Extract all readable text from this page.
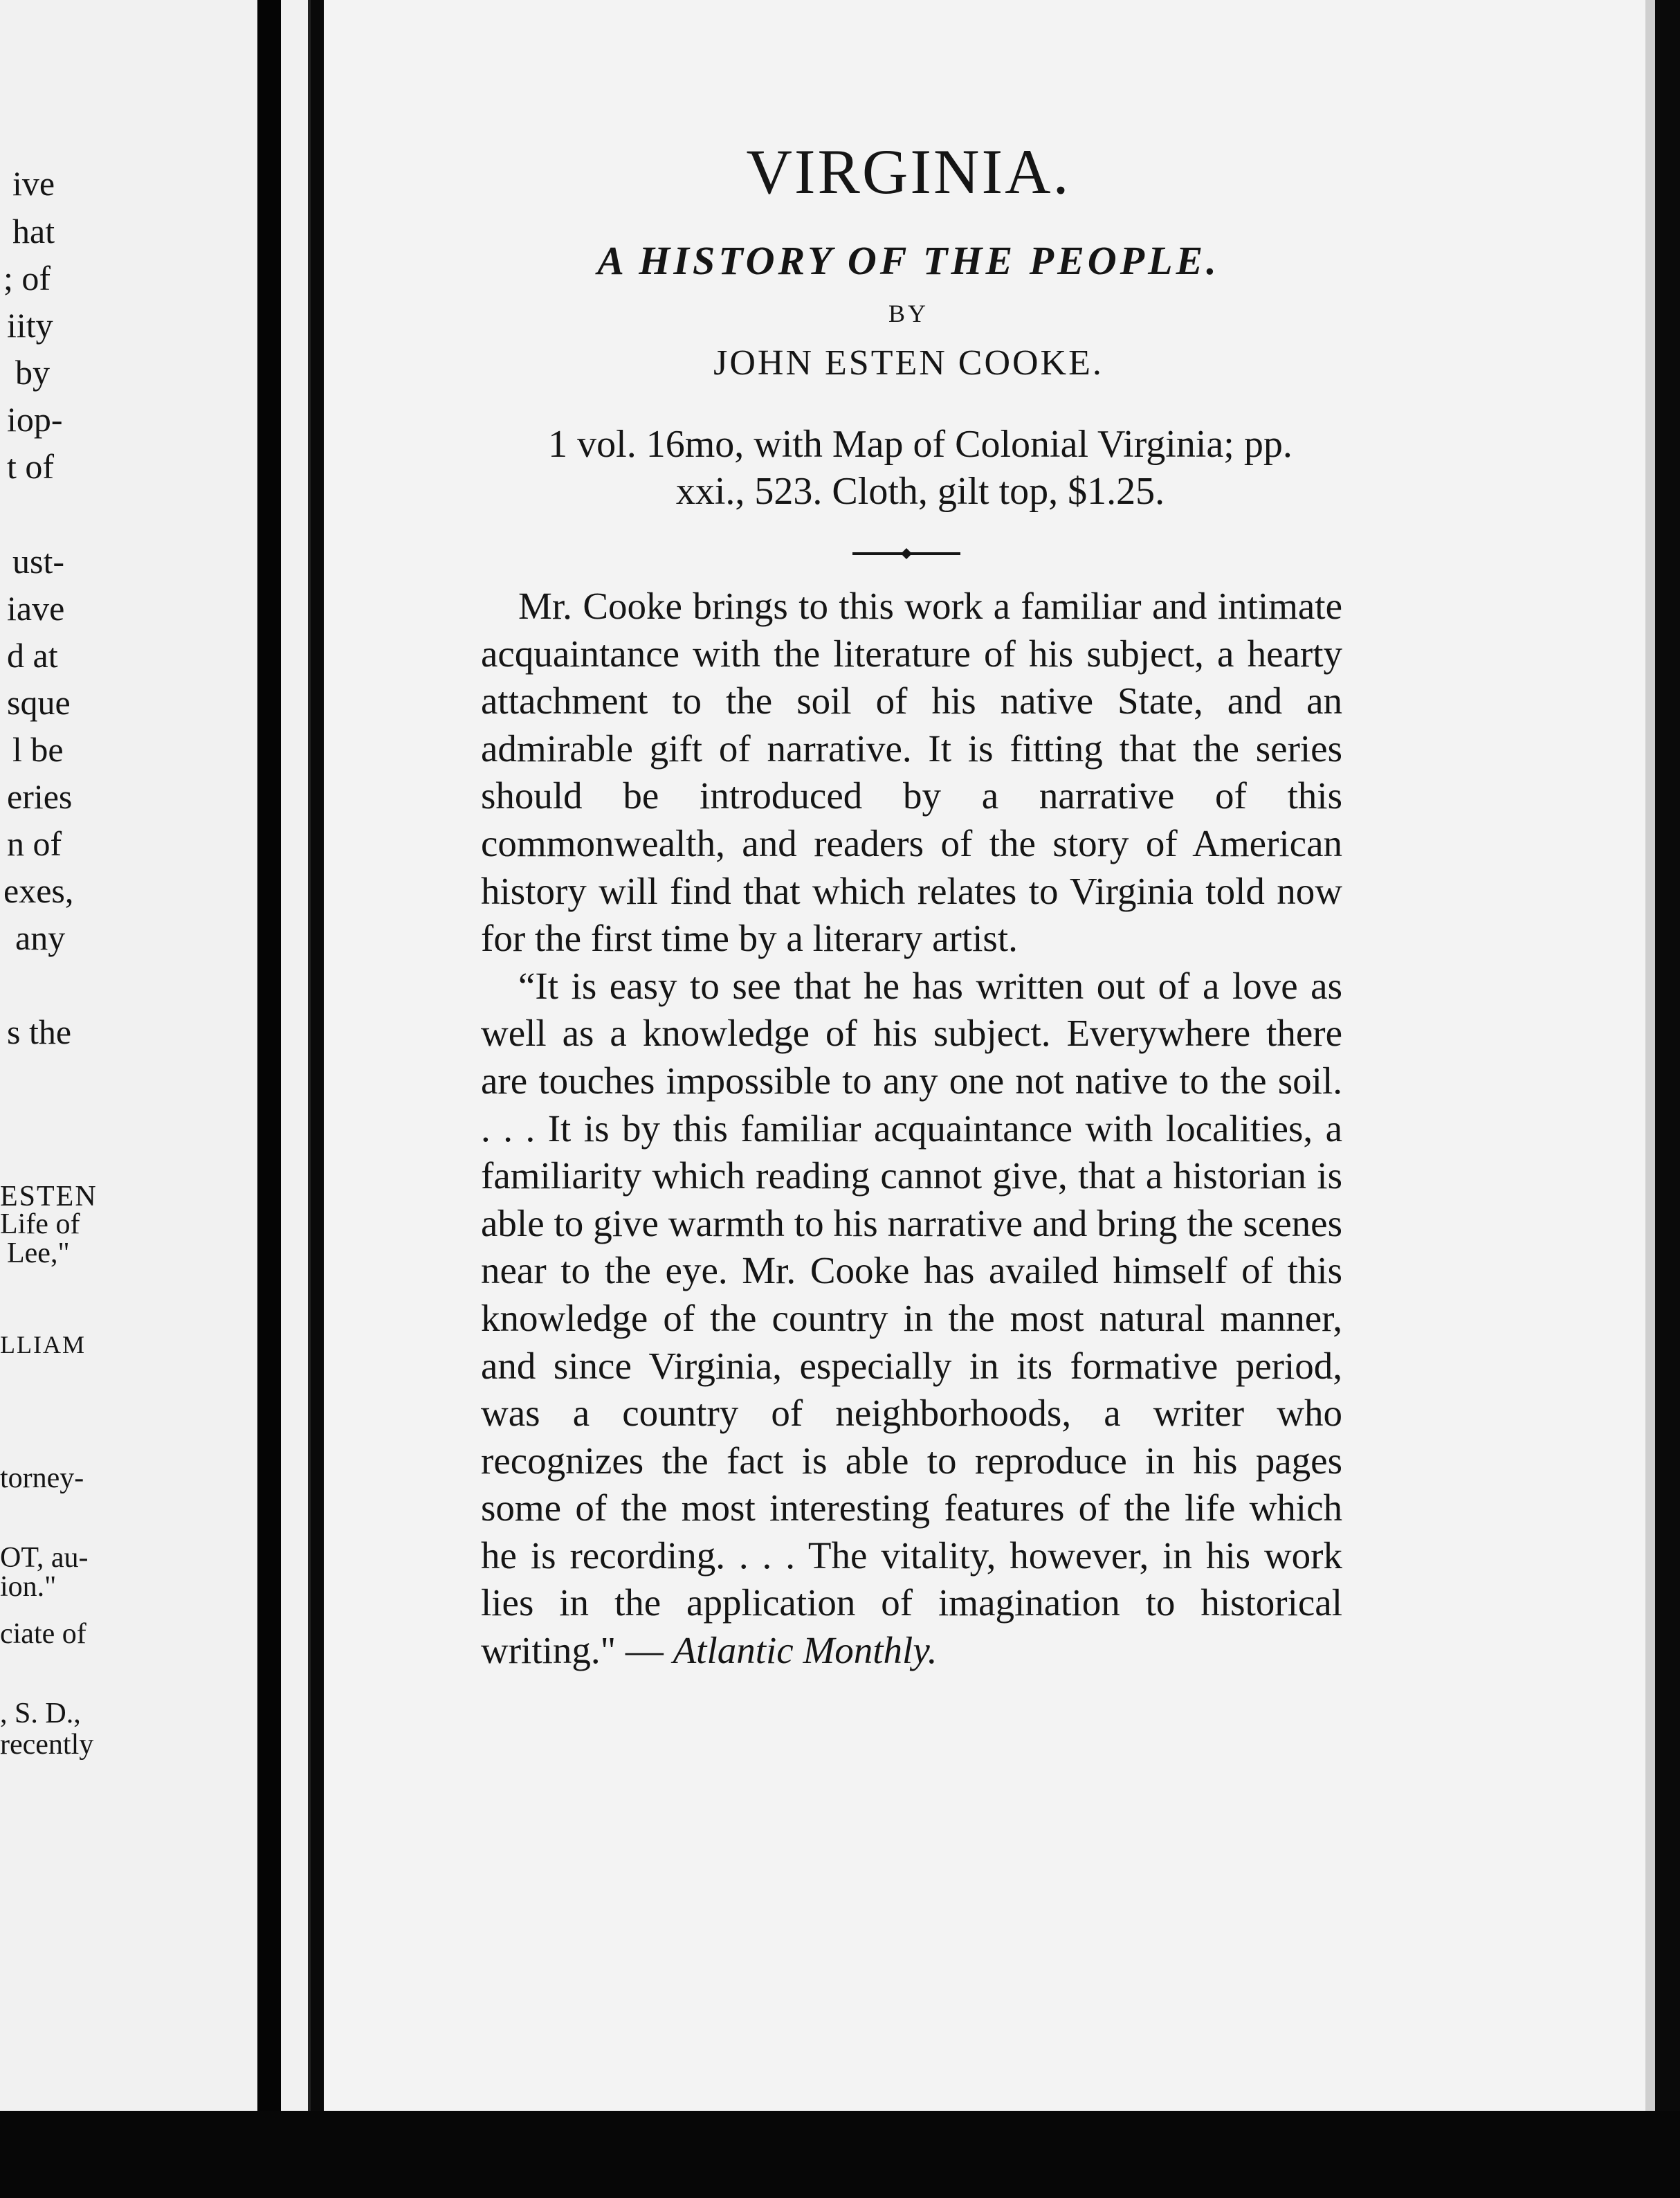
ive
hat
; of
iity
by
iop-
t of
ust-
iave
d at
sque
l be
eries
n of
exes,
any
s the
ESTEN
Life of
Lee,"
LLIAM
torney-
OT, au-
ion."
ciate of
, S. D.,
recently
VIRGINIA.
A HISTORY OF THE PEOPLE.
BY
JOHN ESTEN COOKE.
1 vol. 16mo, with Map of Colonial Virginia; pp.
xxi., 523. Cloth, gilt top, $1.25.

Mr. Cooke brings to this work a familiar and intimate acquaintance with the literature of his subject, a hearty attachment to the soil of his native State, and an admirable gift of narrative. It is fitting that the series should be introduced by a narrative of this commonwealth, and readers of the story of American history will find that which relates to Virginia told now for the first time by a literary artist.

“It is easy to see that he has written out of a love as well as a knowledge of his subject. Everywhere there are touches impossible to any one not native to the soil. . . . It is by this familiar acquaintance with localities, a familiarity which reading cannot give, that a historian is able to give warmth to his narrative and bring the scenes near to the eye. Mr. Cooke has availed himself of this knowledge of the country in the most natural manner, and since Virginia, especially in its formative period, was a country of neighborhoods, a writer who recognizes the fact is able to reproduce in his pages some of the most interesting features of the life which he is recording. . . . The vitality, however, in his work lies in the application of imagination to historical writing." — Atlantic Monthly.
